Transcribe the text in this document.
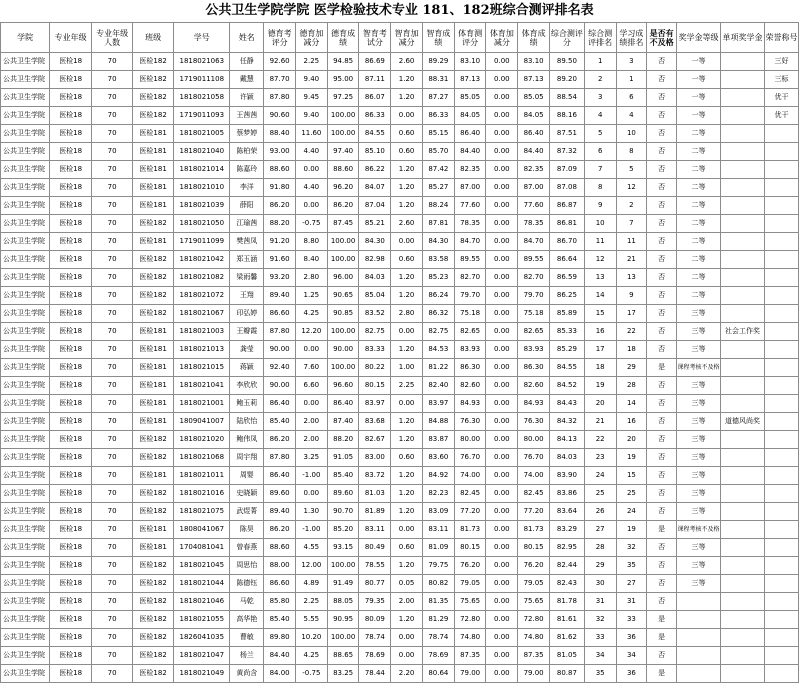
公共卫生学院学院 医学检验技术专业 181、182班综合测评排名表
学院	专业年级	专业年级人数	班级	学号	姓名	德育考评分	德育加减分	德育成绩	智育考试分	智育加减分	智育成绩	体育测评分	体育加减分	体育成绩	综合测评分	综合测评排名	学习成绩排名	是否有不及格	奖学金等级	单项奖学金	荣誉称号
公共卫生学院	医检18	70	医检182	1818021063	任静	92.60	2.25	94.85	86.69	2.60	89.29	83.10	0.00	83.10	89.50	1	3	否	一等		三好
公共卫生学院	医检18	70	医检182	1719011108	戴慧	87.70	9.40	95.00	87.11	1.20	88.31	87.13	0.00	87.13	89.20	2	1	否	一等		三标
公共卫生学院	医检18	70	医检182	1818021058	许颖	87.80	9.45	97.25	86.07	1.20	87.27	85.05	0.00	85.05	88.54	3	6	否	一等		优干
公共卫生学院	医检18	70	医检182	1719011093	王茜茜	90.60	9.40	100.00	86.33	0.00	86.33	84.05	0.00	84.05	88.16	4	4	否	一等		优干
公共卫生学院	医检18	70	医检181	1818021005	蔡梦婷	88.40	11.60	100.00	84.55	0.60	85.15	86.40	0.00	86.40	87.51	5	10	否	二等		
公共卫生学院	医检18	70	医检181	1818021040	陈柏荣	93.00	4.40	97.40	85.10	0.60	85.70	84.40	0.00	84.40	87.32	6	8	否	二等		
公共卫生学院	医检18	70	医检181	1818021014	陈嘉玲	88.60	0.00	88.60	86.22	1.20	87.42	82.35	0.00	82.35	87.09	7	5	否	二等		
公共卫生学院	医检18	70	医检181	1818021010	李洋	91.80	4.40	96.20	84.07	1.20	85.27	87.00	0.00	87.00	87.08	8	12	否	二等		
公共卫生学院	医检18	70	医检181	1818021039	薛阳	86.20	0.00	86.20	87.04	1.20	88.24	77.60	0.00	77.60	86.87	9	2	否	二等		
公共卫生学院	医检18	70	医检182	1818021050	江瑜茜	88.20	-0.75	87.45	85.21	2.60	87.81	78.35	0.00	78.35	86.81	10	7	否	二等		
公共卫生学院	医检18	70	医检181	1719011099	樊茜凤	91.20	8.80	100.00	84.30	0.00	84.30	84.70	0.00	84.70	86.70	11	11	否	二等		
公共卫生学院	医检18	70	医检182	1818021042	郑玉涵	91.60	8.40	100.00	82.98	0.60	83.58	89.55	0.00	89.55	86.64	12	21	否	二等		
公共卫生学院	医检18	70	医检182	1818021082	梁雨馨	93.20	2.80	96.00	84.03	1.20	85.23	82.70	0.00	82.70	86.59	13	13	否	二等		
公共卫生学院	医检18	70	医检182	1818021072	王翔	89.40	1.25	90.65	85.04	1.20	86.24	79.70	0.00	79.70	86.25	14	9	否	二等		
公共卫生学院	医检18	70	医检182	1818021067	印弘婷	86.60	4.25	90.85	83.52	2.80	86.32	75.18	0.00	75.18	85.89	15	17	否	三等		
公共卫生学院	医检18	70	医检181	1818021003	王瓣霞	87.80	12.20	100.00	82.75	0.00	82.75	82.65	0.00	82.65	85.33	16	22	否	三等	社会工作奖	
公共卫生学院	医检18	70	医检181	1818021013	龚莹	90.00	0.00	90.00	83.33	1.20	84.53	83.93	0.00	83.93	85.29	17	18	否	三等		
公共卫生学院	医检18	70	医检181	1818021015	蒋颖	92.40	7.60	100.00	80.22	1.00	81.22	86.30	0.00	86.30	84.55	18	29	是	课程考核不及格		
公共卫生学院	医检18	70	医检181	1818021041	李欣欣	90.00	6.60	96.60	80.15	2.25	82.40	82.60	0.00	82.60	84.52	19	28	否	三等		
公共卫生学院	医检18	70	医检181	1818021001	鲍玉莉	86.40	0.00	86.40	83.97	0.00	83.97	84.93	0.00	84.93	84.43	20	14	否	三等		
公共卫生学院	医检18	70	医检181	1809041007	陆欣怡	85.40	2.00	87.40	83.68	1.20	84.88	76.30	0.00	76.30	84.32	21	16	否	三等	道德风尚奖	
公共卫生学院	医检18	70	医检182	1818021020	鲍伟凤	86.20	2.00	88.20	82.67	1.20	83.87	80.00	0.00	80.00	84.13	22	20	否	三等		
公共卫生学院	医检18	70	医检182	1818021068	周宇翔	87.80	3.25	91.05	83.00	0.60	83.60	76.70	0.00	76.70	84.03	23	19	否	三等		
公共卫生学院	医检18	70	医检181	1818021011	周婴	86.40	-1.00	85.40	83.72	1.20	84.92	74.00	0.00	74.00	83.90	24	15	否	三等		
公共卫生学院	医检18	70	医检182	1818021016	史晓颖	89.60	0.00	89.60	81.03	1.20	82.23	82.45	0.00	82.45	83.86	25	25	否	三等		
公共卫生学院	医检18	70	医检182	1818021075	武煜菁	89.40	1.30	90.70	81.89	1.20	83.09	77.20	0.00	77.20	83.64	26	24	否	三等		
公共卫生学院	医检18	70	医检181	1808041067	陈昊	86.20	-1.00	85.20	83.11	0.00	83.11	81.73	0.00	81.73	83.29	27	19	是	课程考核不及格		
公共卫生学院	医检18	70	医检181	1704081041	曾春燕	88.60	4.55	93.15	80.49	0.60	81.09	80.15	0.00	80.15	82.95	28	32	否	三等		
公共卫生学院	医检18	70	医检182	1818021045	周思怡	88.00	12.00	100.00	78.55	1.20	79.75	76.20	0.00	76.20	82.44	29	35	否	三等		
公共卫生学院	医检18	70	医检182	1818021044	陈德钰	86.60	4.89	91.49	80.77	0.05	80.82	79.05	0.00	79.05	82.43	30	27	否	三等		
公共卫生学院	医检18	70	医检182	1818021046	马乾	85.80	2.25	88.05	79.35	2.00	81.35	75.65	0.00	75.65	81.78	31	31	否			
公共卫生学院	医检18	70	医检182	1818021055	高华艳	85.40	5.55	90.95	80.09	1.20	81.29	72.80	0.00	72.80	81.61	32	33	是			
公共卫生学院	医检18	70	医检182	1826041035	曹敏	89.80	10.20	100.00	78.74	0.00	78.74	74.80	0.00	74.80	81.62	33	36	是			
公共卫生学院	医检18	70	医检182	1818021047	杨兰	84.40	4.25	88.65	78.69	0.00	78.69	87.35	0.00	87.35	81.05	34	34	否			
公共卫生学院	医检18	70	医检182	1818021049	黄尚含	84.00	-0.75	83.25	78.44	2.20	80.64	79.00	0.00	79.00	80.87	35	36	是			
